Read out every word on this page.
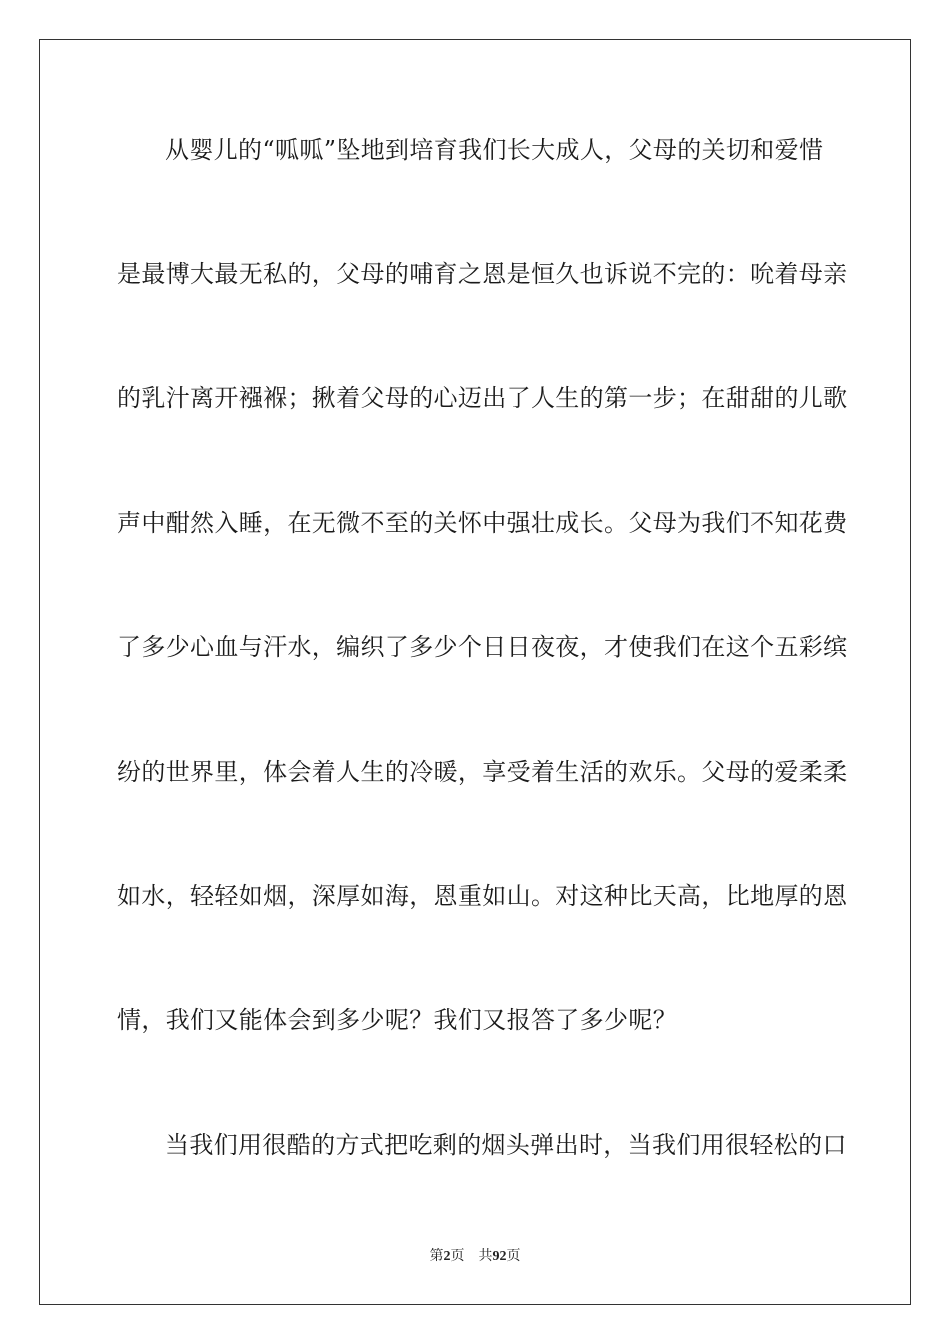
从婴儿的“呱呱”坠地到培育我们长大成人，父母的关切和爱惜
是最博大最无私的，父母的哺育之恩是恒久也诉说不完的：吮着母亲
的乳汁离开襁褓；揪着父母的心迈出了人生的第一步；在甜甜的儿歌
声中酣然入睡，在无微不至的关怀中强壮成长。父母为我们不知花费
了多少心血与汗水，编织了多少个日日夜夜，才使我们在这个五彩缤
纷的世界里，体会着人生的冷暖，享受着生活的欢乐。父母的爱柔柔
如水，轻轻如烟，深厚如海，恩重如山。对这种比天高，比地厚的恩
情，我们又能体会到多少呢？我们又报答了多少呢？
当我们用很酷的方式把吃剩的烟头弹出时，当我们用很轻松的口
第2页 共92页
